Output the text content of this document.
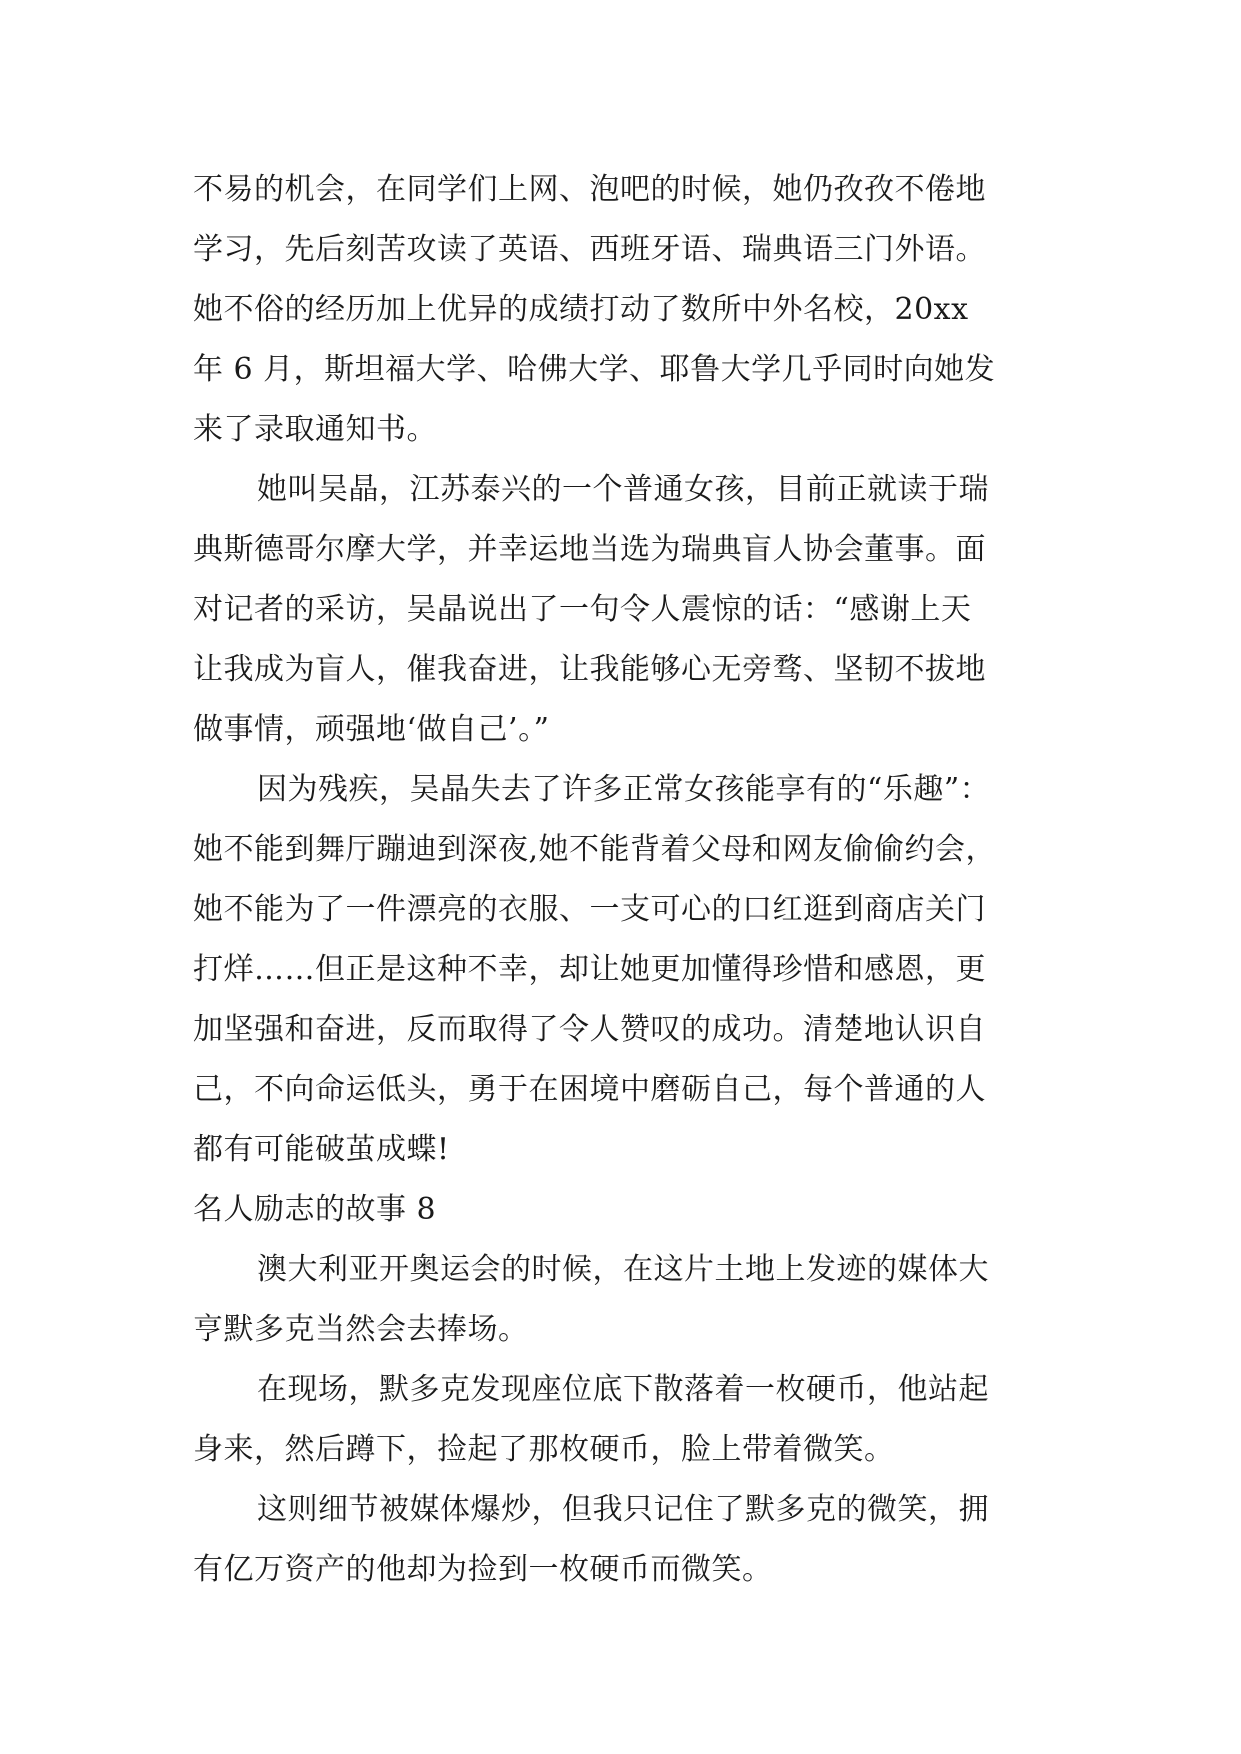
不易的机会，在同学们上网、泡吧的时候，她仍孜孜不倦地
学习，先后刻苦攻读了英语、西班牙语、瑞典语三门外语。
她不俗的经历加上优异的成绩打动了数所中外名校，20xx
年 6 月，斯坦福大学、哈佛大学、耶鲁大学几乎同时向她发
来了录取通知书。
她叫吴晶，江苏泰兴的一个普通女孩，目前正就读于瑞
典斯德哥尔摩大学，并幸运地当选为瑞典盲人协会董事。面
对记者的采访，吴晶说出了一句令人震惊的话：“感谢上天
让我成为盲人，催我奋进，让我能够心无旁骛、坚韧不拔地
做事情，顽强地‘做自己’。”
因为残疾，吴晶失去了许多正常女孩能享有的“乐趣”：
她不能到舞厅蹦迪到深夜,她不能背着父母和网友偷偷约会，
她不能为了一件漂亮的衣服、一支可心的口红逛到商店关门
打烊……但正是这种不幸，却让她更加懂得珍惜和感恩，更
加坚强和奋进，反而取得了令人赞叹的成功。清楚地认识自
己，不向命运低头，勇于在困境中磨砺自己，每个普通的人
都有可能破茧成蝶!
名人励志的故事 8
澳大利亚开奥运会的时候，在这片土地上发迹的媒体大
亨默多克当然会去捧场。
在现场，默多克发现座位底下散落着一枚硬币，他站起
身来，然后蹲下，捡起了那枚硬币，脸上带着微笑。
这则细节被媒体爆炒，但我只记住了默多克的微笑，拥
有亿万资产的他却为捡到一枚硬币而微笑。
